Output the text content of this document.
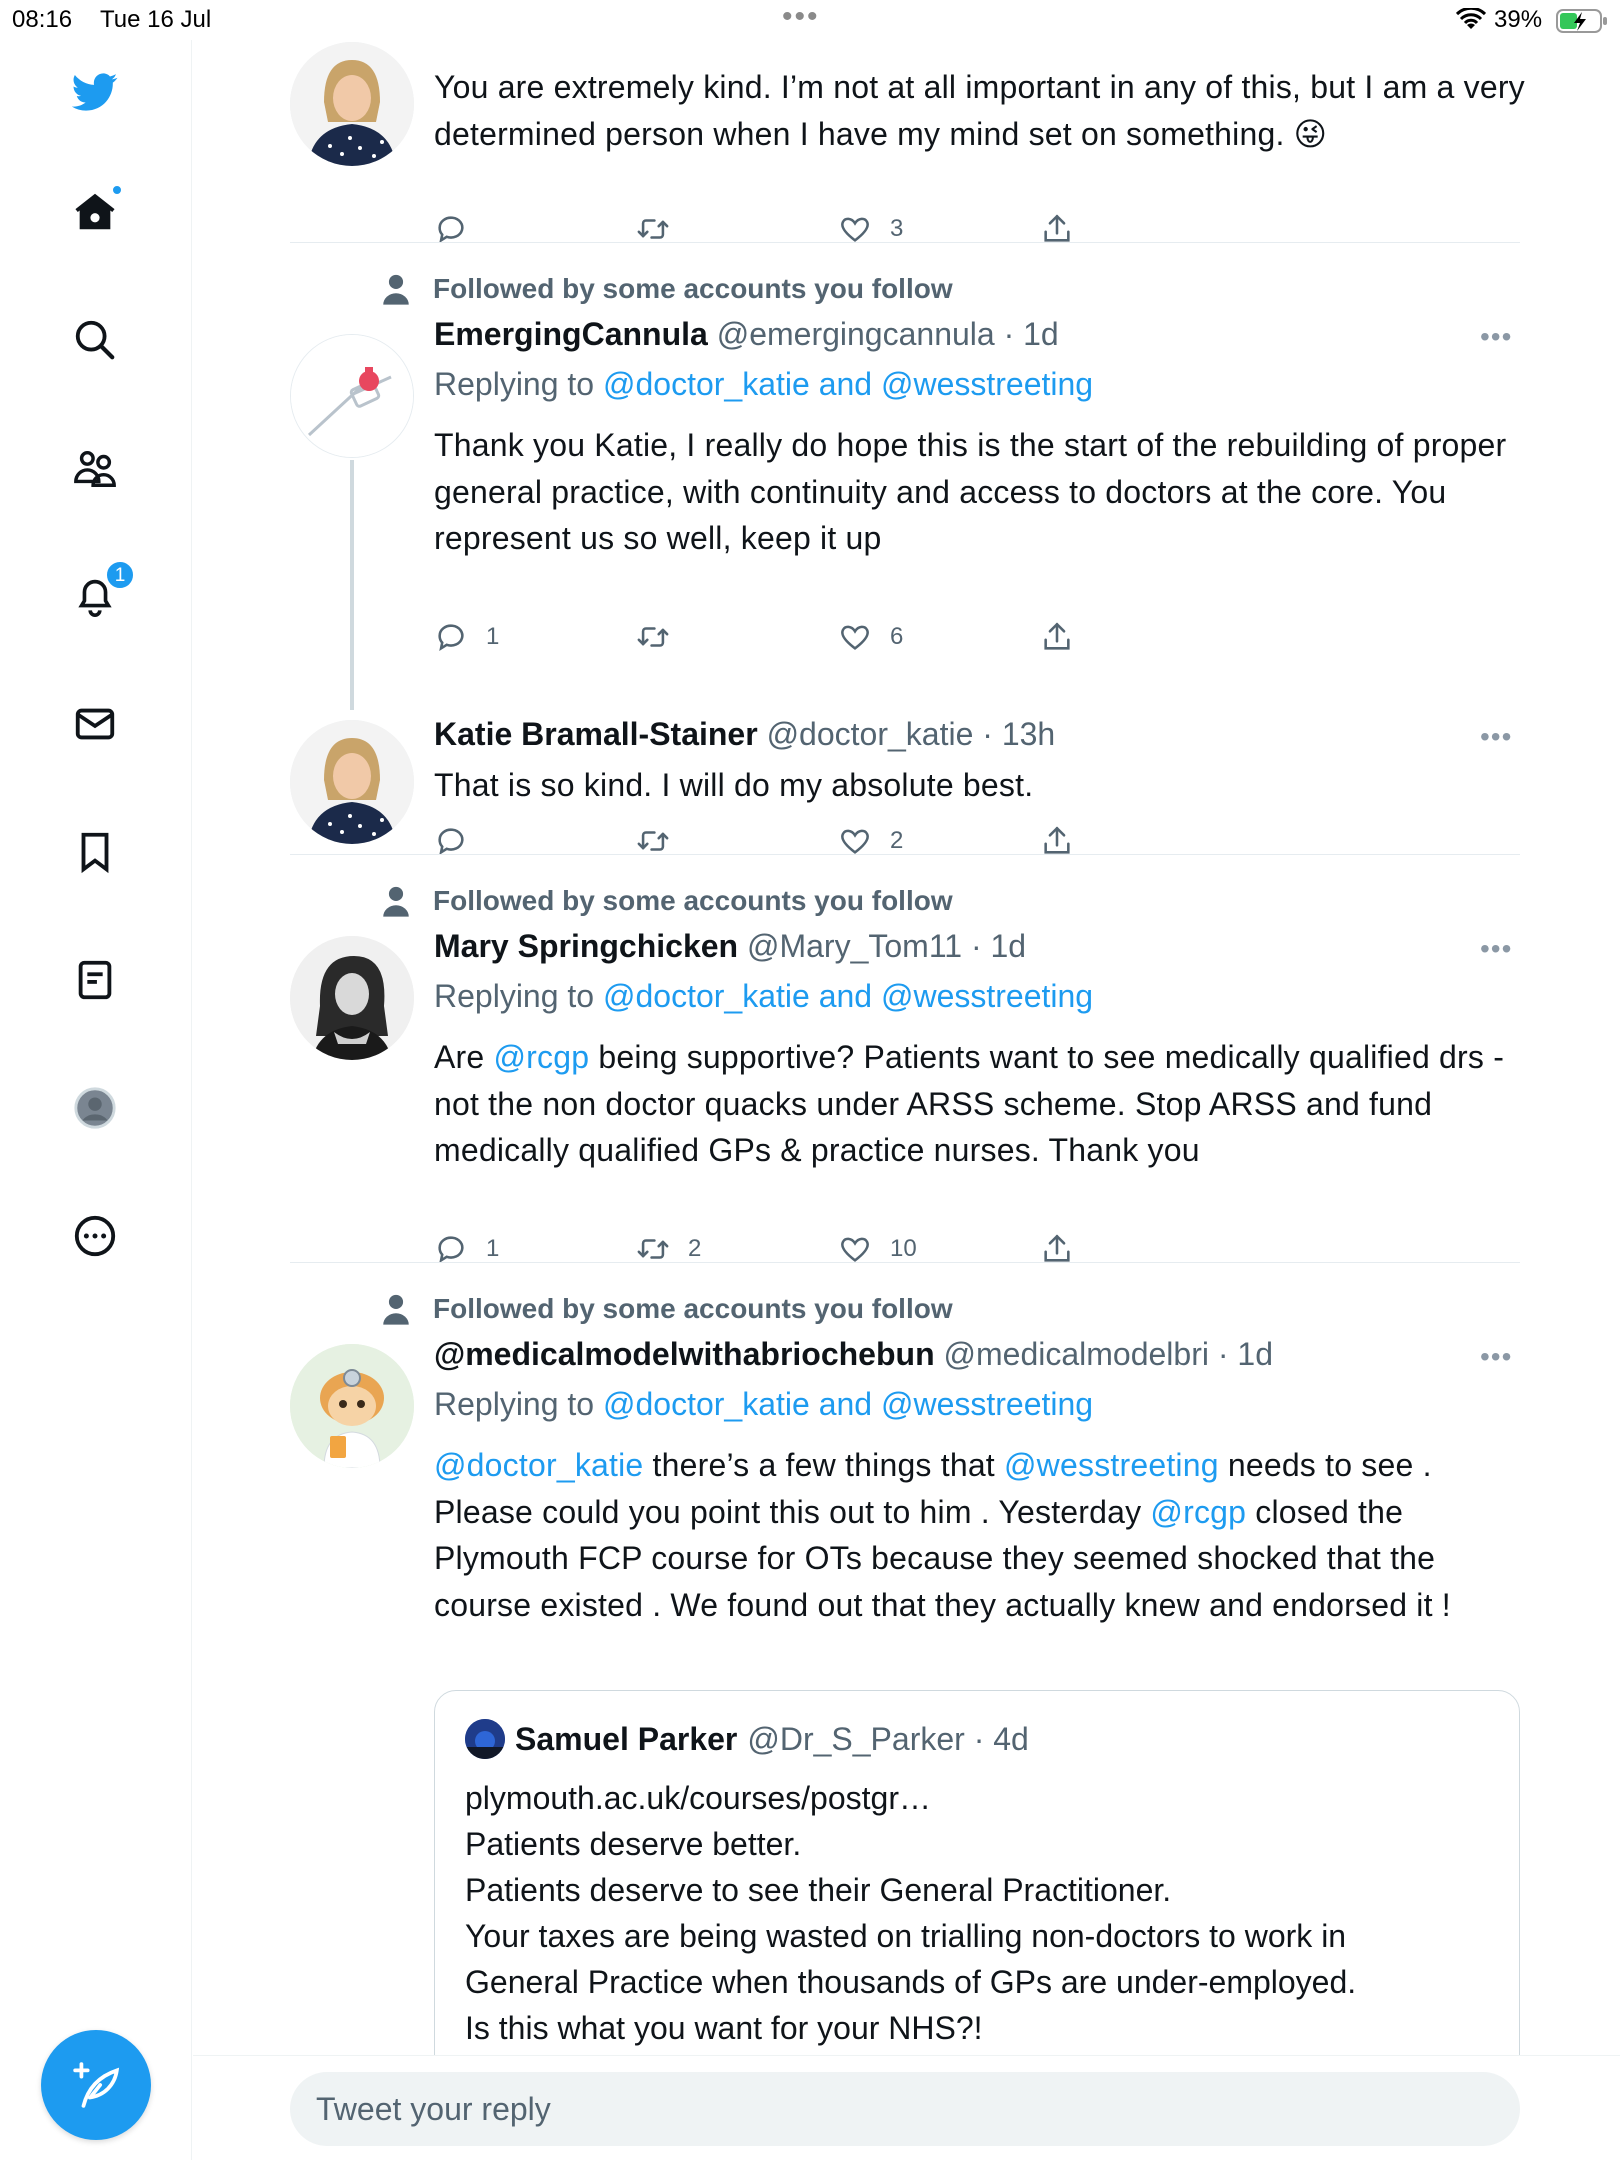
08:16 Tue 16 Jul	•••	39%
1
You are extremely kind. I’m not at all important in any of this, but I am a very determined person when I have my mind set on something. 😜
3
Followed by some accounts you follow
EmergingCannula @emergingcannula · 1d	•••
Replying to @doctor_katie and @wesstreeting
Thank you Katie, I really do hope this is the start of the rebuilding of proper general practice, with continuity and access to doctors at the core. You represent us so well, keep it up
1	6
Katie Bramall-Stainer @doctor_katie · 13h	•••
That is so kind. I will do my absolute best.
2
Followed by some accounts you follow
Mary Springchicken @Mary_Tom11 · 1d	•••
Replying to @doctor_katie and @wesstreeting
Are @rcgp being supportive? Patients want to see medically qualified drs - not the non doctor quacks under ARSS scheme. Stop ARSS and fund medically qualified GPs & practice nurses. Thank you
1	2	10
Followed by some accounts you follow
@medicalmodelwithabriochebun @medicalmodelbri · 1d	•••
Replying to @doctor_katie and @wesstreeting
@doctor_katie there’s a few things that @wesstreeting needs to see . Please could you point this out to him . Yesterday @rcgp closed the Plymouth FCP course for OTs because they seemed shocked that the course existed . We found out that they actually knew and endorsed it !
Samuel Parker @Dr_S_Parker · 4d
plymouth.ac.uk/courses/postgr…
Patients deserve better.
Patients deserve to see their General Practitioner.
Your taxes are being wasted on trialling non-doctors to work in
General Practice when thousands of GPs are under-employed.
Is this what you want for your NHS?!
Tweet your reply
